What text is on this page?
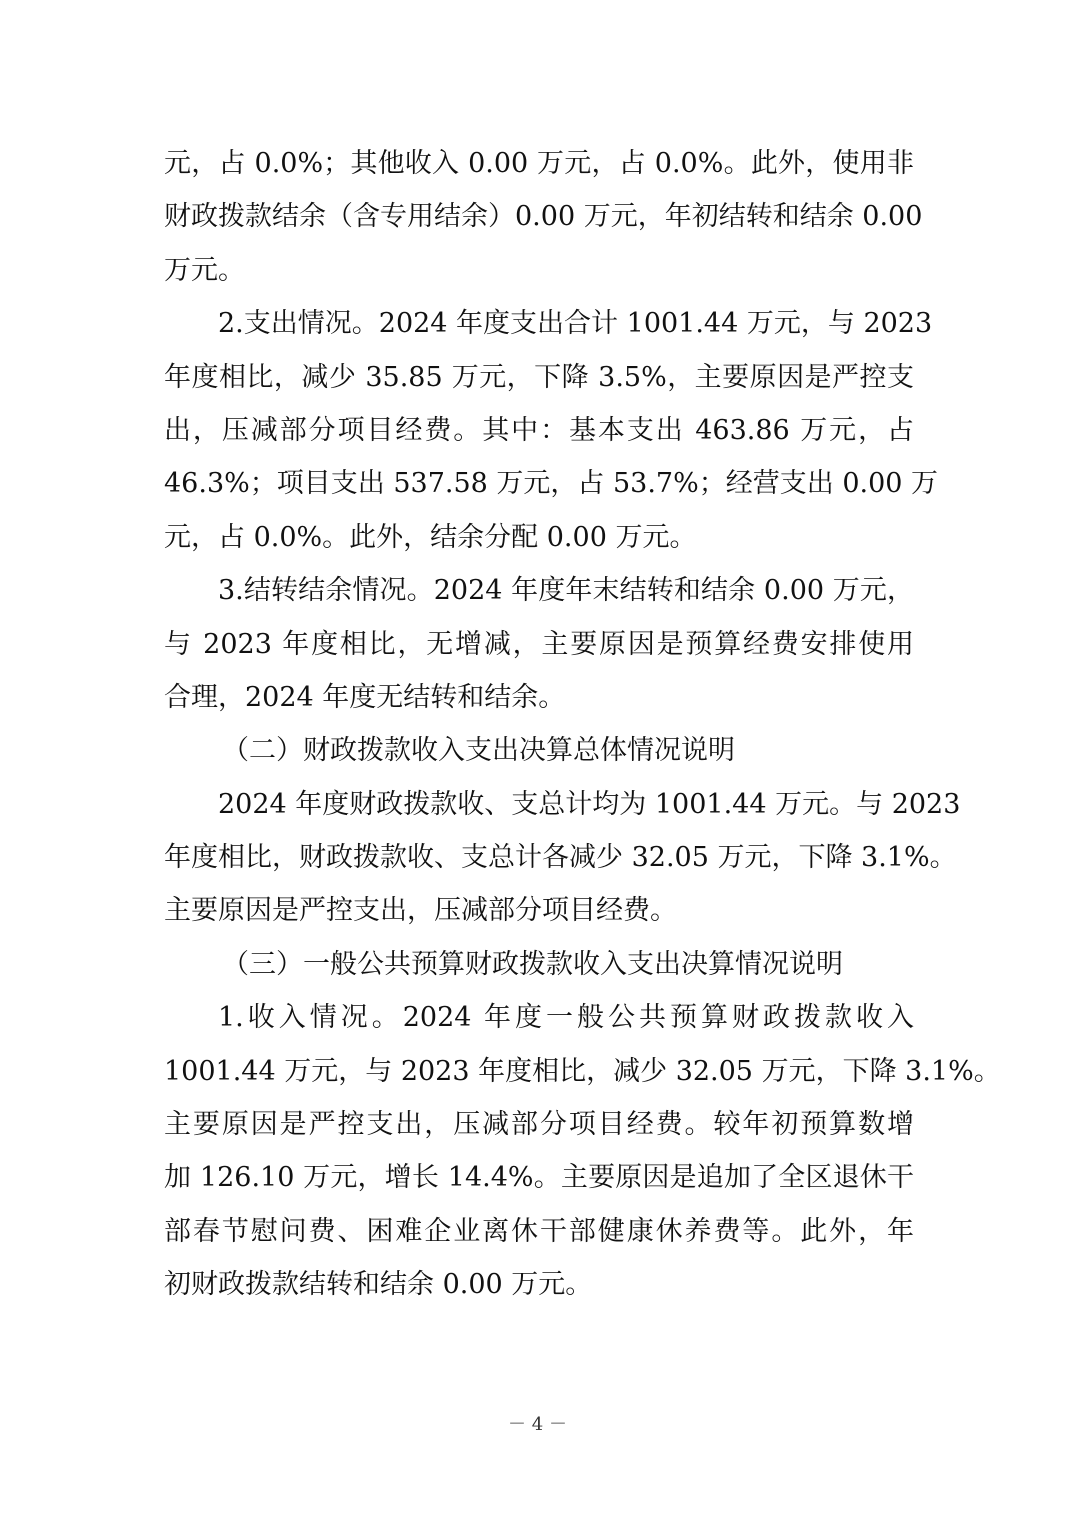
元，占 0.0%；其他收入 0.00 万元，占 0.0%。此外，使用非
财政拨款结余（含专用结余）0.00 万元，年初结转和结余 0.00
万元。
2.支出情况。2024 年度支出合计 1001.44 万元，与 2023
年度相比，减少 35.85 万元，下降 3.5%，主要原因是严控支
出，压减部分项目经费。其中：基本支出 463.86 万元，占
46.3%；项目支出 537.58 万元，占 53.7%；经营支出 0.00 万
元，占 0.0%。此外，结余分配 0.00 万元。
3.结转结余情况。2024 年度年末结转和结余 0.00 万元，
与 2023 年度相比，无增减，主要原因是预算经费安排使用
合理，2024 年度无结转和结余。
（二）财政拨款收入支出决算总体情况说明
2024 年度财政拨款收、支总计均为 1001.44 万元。与 2023
年度相比，财政拨款收、支总计各减少 32.05 万元，下降 3.1%。
主要原因是严控支出，压减部分项目经费。
（三）一般公共预算财政拨款收入支出决算情况说明
1.收入情况。2024 年度一般公共预算财政拨款收入
1001.44 万元，与 2023 年度相比，减少 32.05 万元，下降 3.1%。
主要原因是严控支出，压减部分项目经费。较年初预算数增
加 126.10 万元，增长 14.4%。主要原因是追加了全区退休干
部春节慰问费、困难企业离休干部健康休养费等。此外，年
初财政拨款结转和结余 0.00 万元。
－ 4 －
